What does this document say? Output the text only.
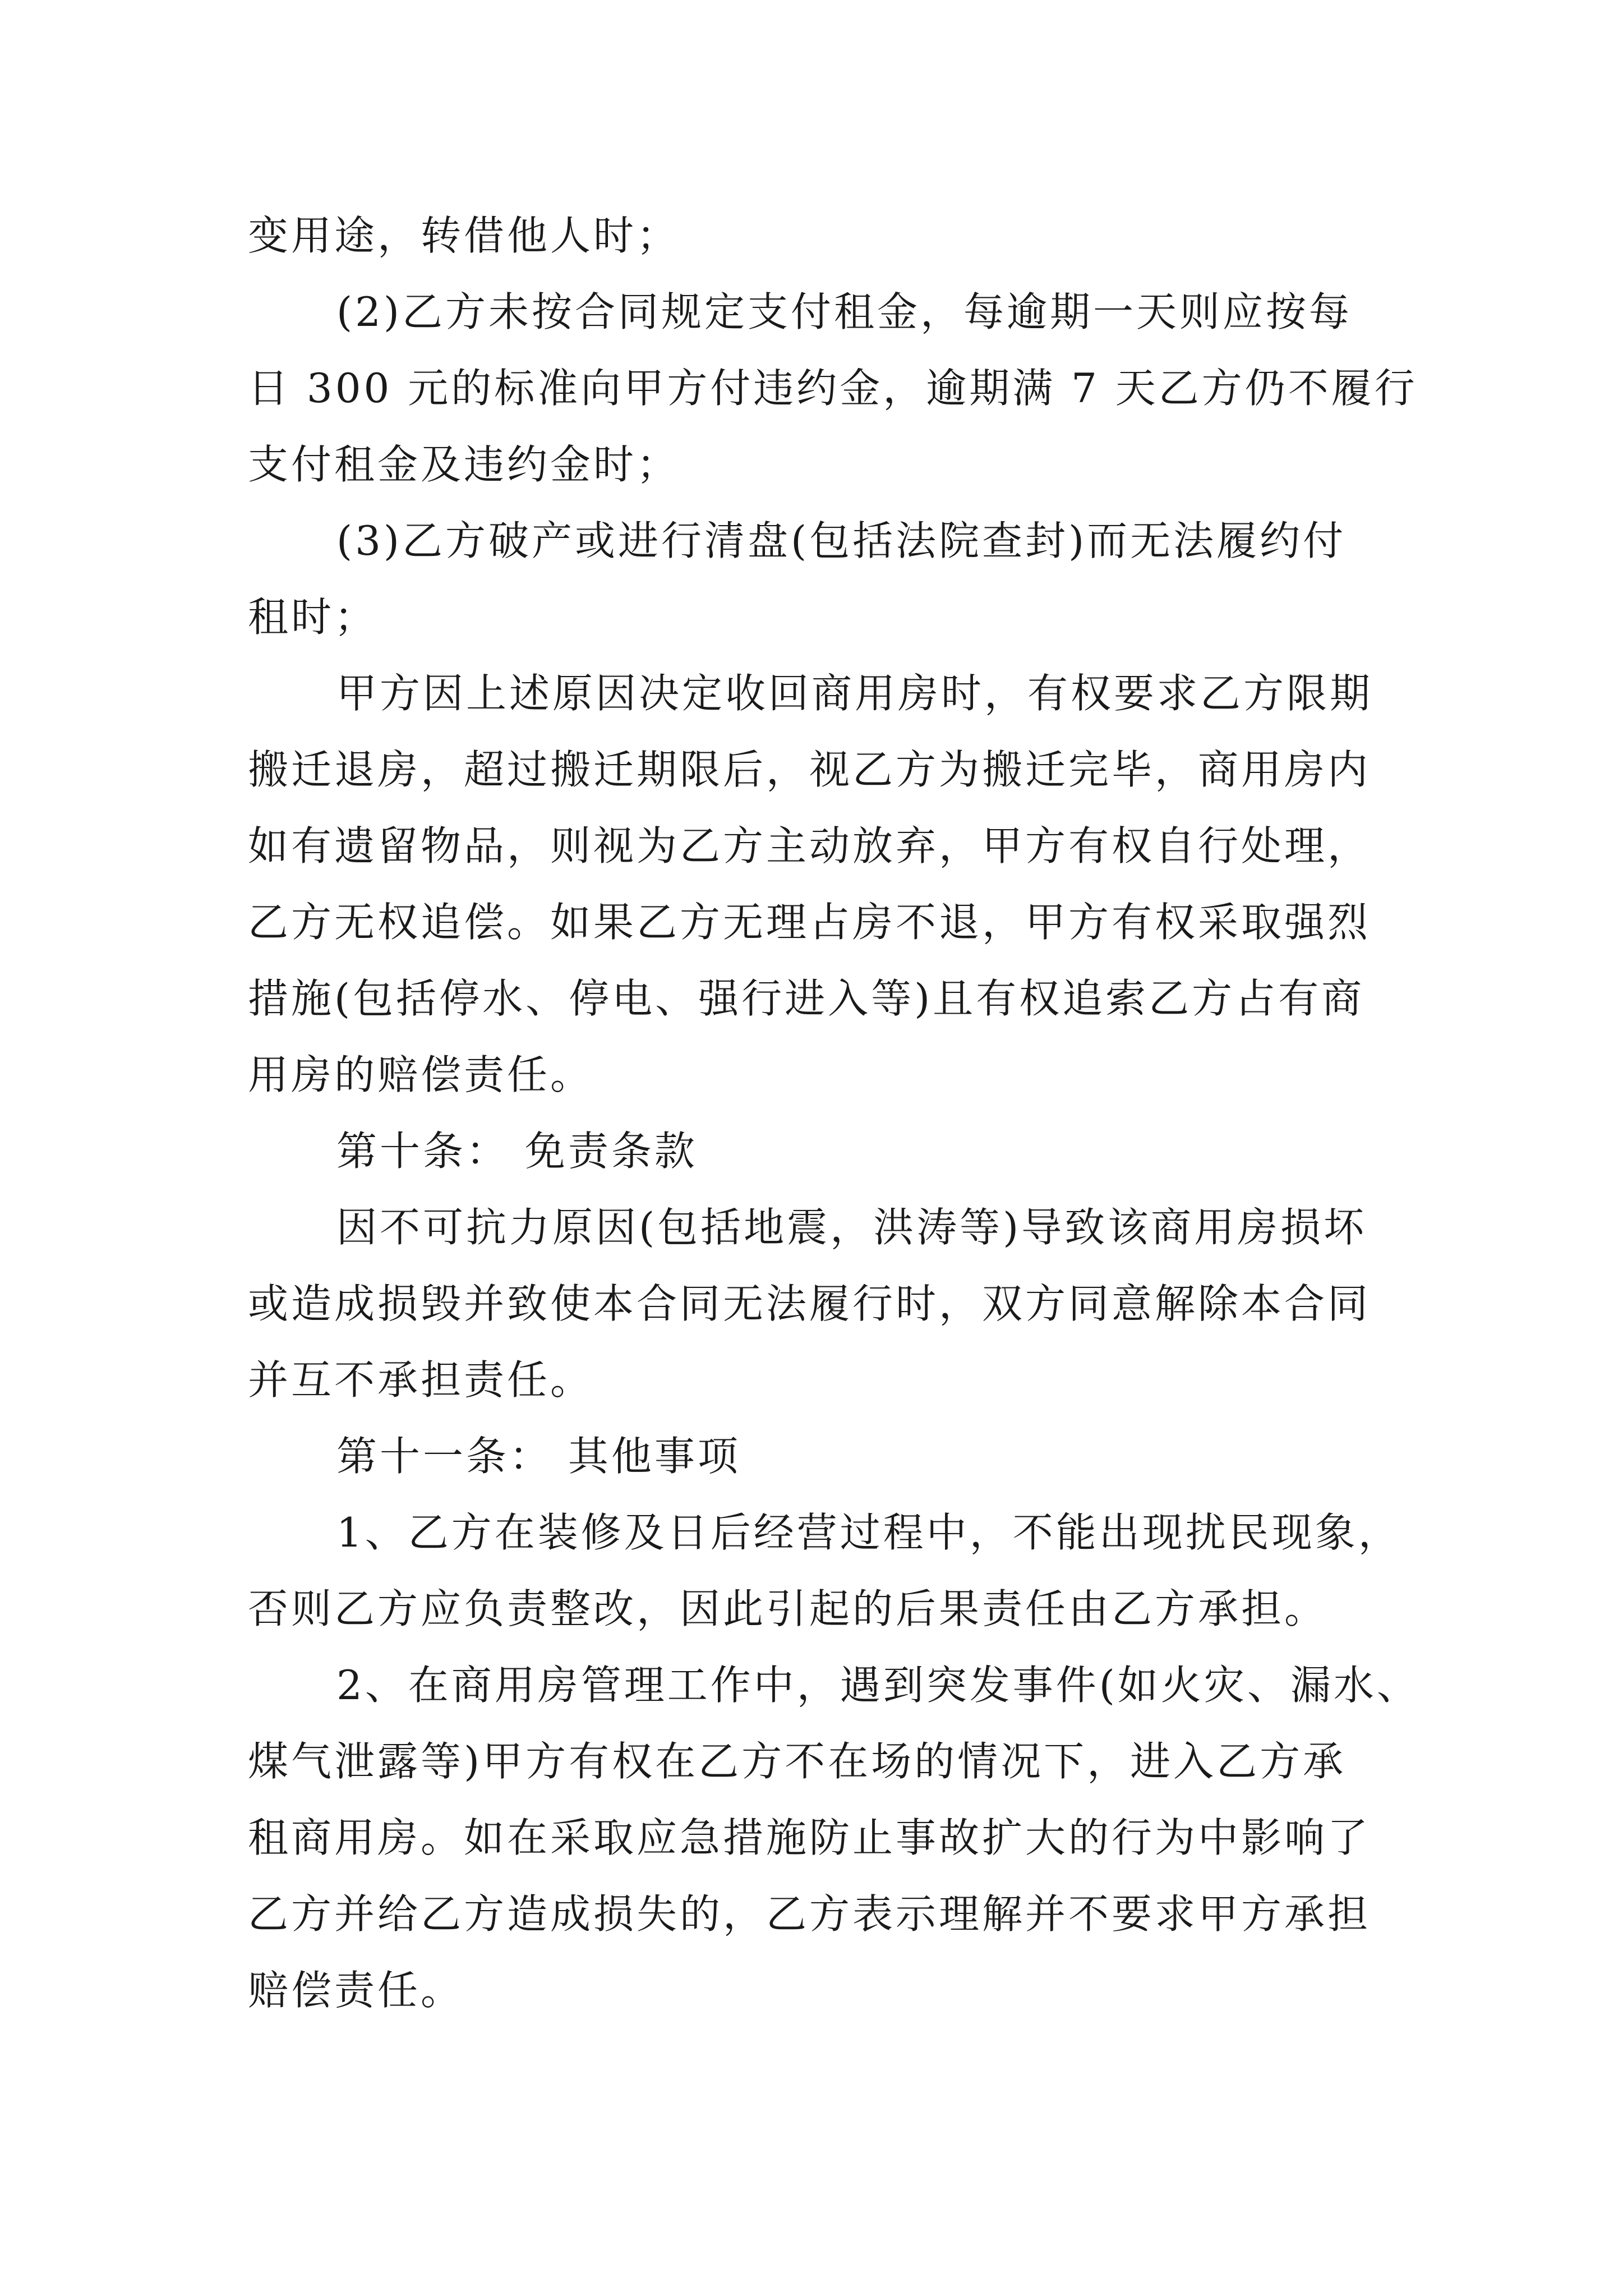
变用途，转借他人时；
(2)乙方未按合同规定支付租金，每逾期一天则应按每
日 300 元的标准向甲方付违约金，逾期满 7 天乙方仍不履行
支付租金及违约金时；
(3)乙方破产或进行清盘(包括法院查封)而无法履约付
租时；
甲方因上述原因决定收回商用房时，有权要求乙方限期
搬迁退房，超过搬迁期限后，视乙方为搬迁完毕，商用房内
如有遗留物品，则视为乙方主动放弃，甲方有权自行处理，
乙方无权追偿。如果乙方无理占房不退，甲方有权采取强烈
措施(包括停水、停电、强行进入等)且有权追索乙方占有商
用房的赔偿责任。
第十条： 免责条款
因不可抗力原因(包括地震，洪涛等)导致该商用房损坏
或造成损毁并致使本合同无法履行时，双方同意解除本合同
并互不承担责任。
第十一条： 其他事项
1、乙方在装修及日后经营过程中，不能出现扰民现象，
否则乙方应负责整改，因此引起的后果责任由乙方承担。
2、在商用房管理工作中，遇到突发事件(如火灾、漏水、
煤气泄露等)甲方有权在乙方不在场的情况下，进入乙方承
租商用房。如在采取应急措施防止事故扩大的行为中影响了
乙方并给乙方造成损失的，乙方表示理解并不要求甲方承担
赔偿责任。
